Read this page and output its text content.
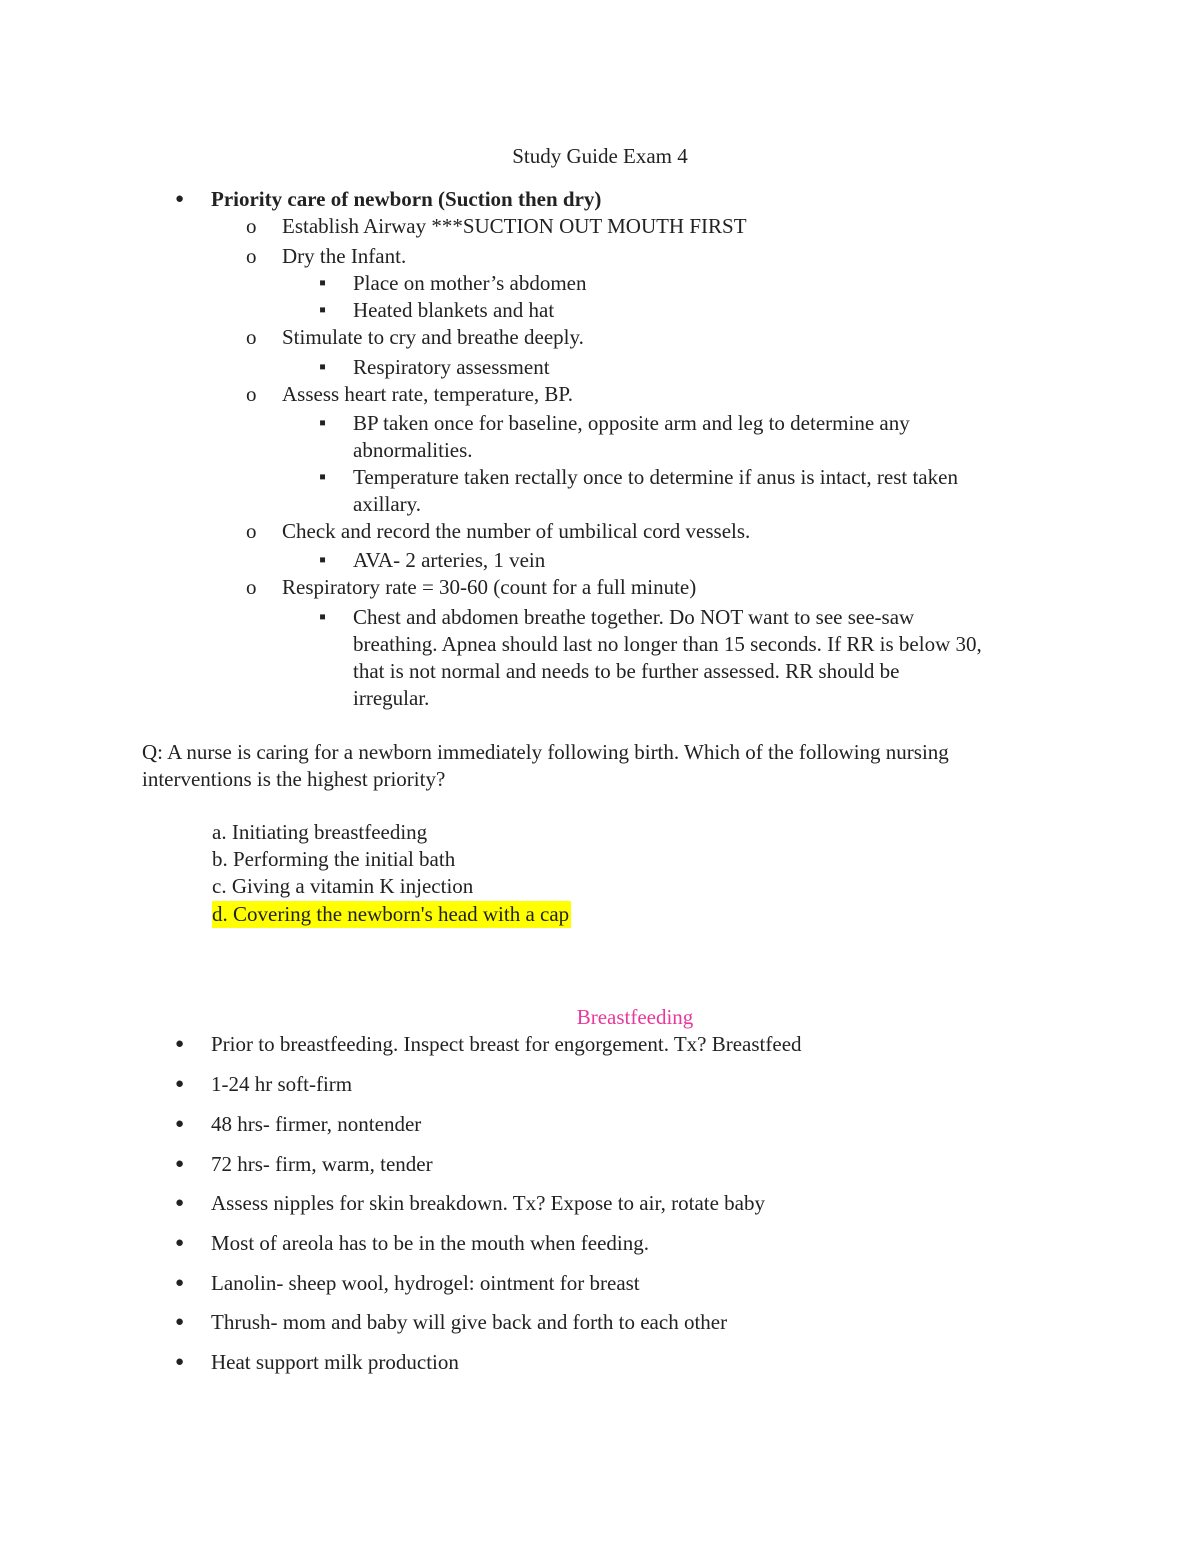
Study Guide Exam 4
● Priority care of newborn (Suction then dry)
o Establish Airway ***SUCTION OUT MOUTH FIRST
o Dry the Infant.
▪ Place on mother’s abdomen
▪ Heated blankets and hat
o Stimulate to cry and breathe deeply.
▪ Respiratory assessment
o Assess heart rate, temperature, BP.
▪ BP taken once for baseline, opposite arm and leg to determine any
abnormalities.
▪ Temperature taken rectally once to determine if anus is intact, rest taken
axillary.
o Check and record the number of umbilical cord vessels.
▪ AVA- 2 arteries, 1 vein
o Respiratory rate = 30-60 (count for a full minute)
▪ Chest and abdomen breathe together. Do NOT want to see see-saw
breathing. Apnea should last no longer than 15 seconds. If RR is below 30,
that is not normal and needs to be further assessed. RR should be
irregular.
Q: A nurse is caring for a newborn immediately following birth. Which of the following nursing
interventions is the highest priority?
a. Initiating breastfeeding
b. Performing the initial bath
c. Giving a vitamin K injection
d. Covering the newborn's head with a cap
Breastfeeding
● Prior to breastfeeding. Inspect breast for engorgement. Tx? Breastfeed
● 1-24 hr soft-firm
● 48 hrs- firmer, nontender
● 72 hrs- firm, warm, tender
● Assess nipples for skin breakdown. Tx? Expose to air, rotate baby
● Most of areola has to be in the mouth when feeding.
● Lanolin- sheep wool, hydrogel: ointment for breast
● Thrush- mom and baby will give back and forth to each other
● Heat support milk production
